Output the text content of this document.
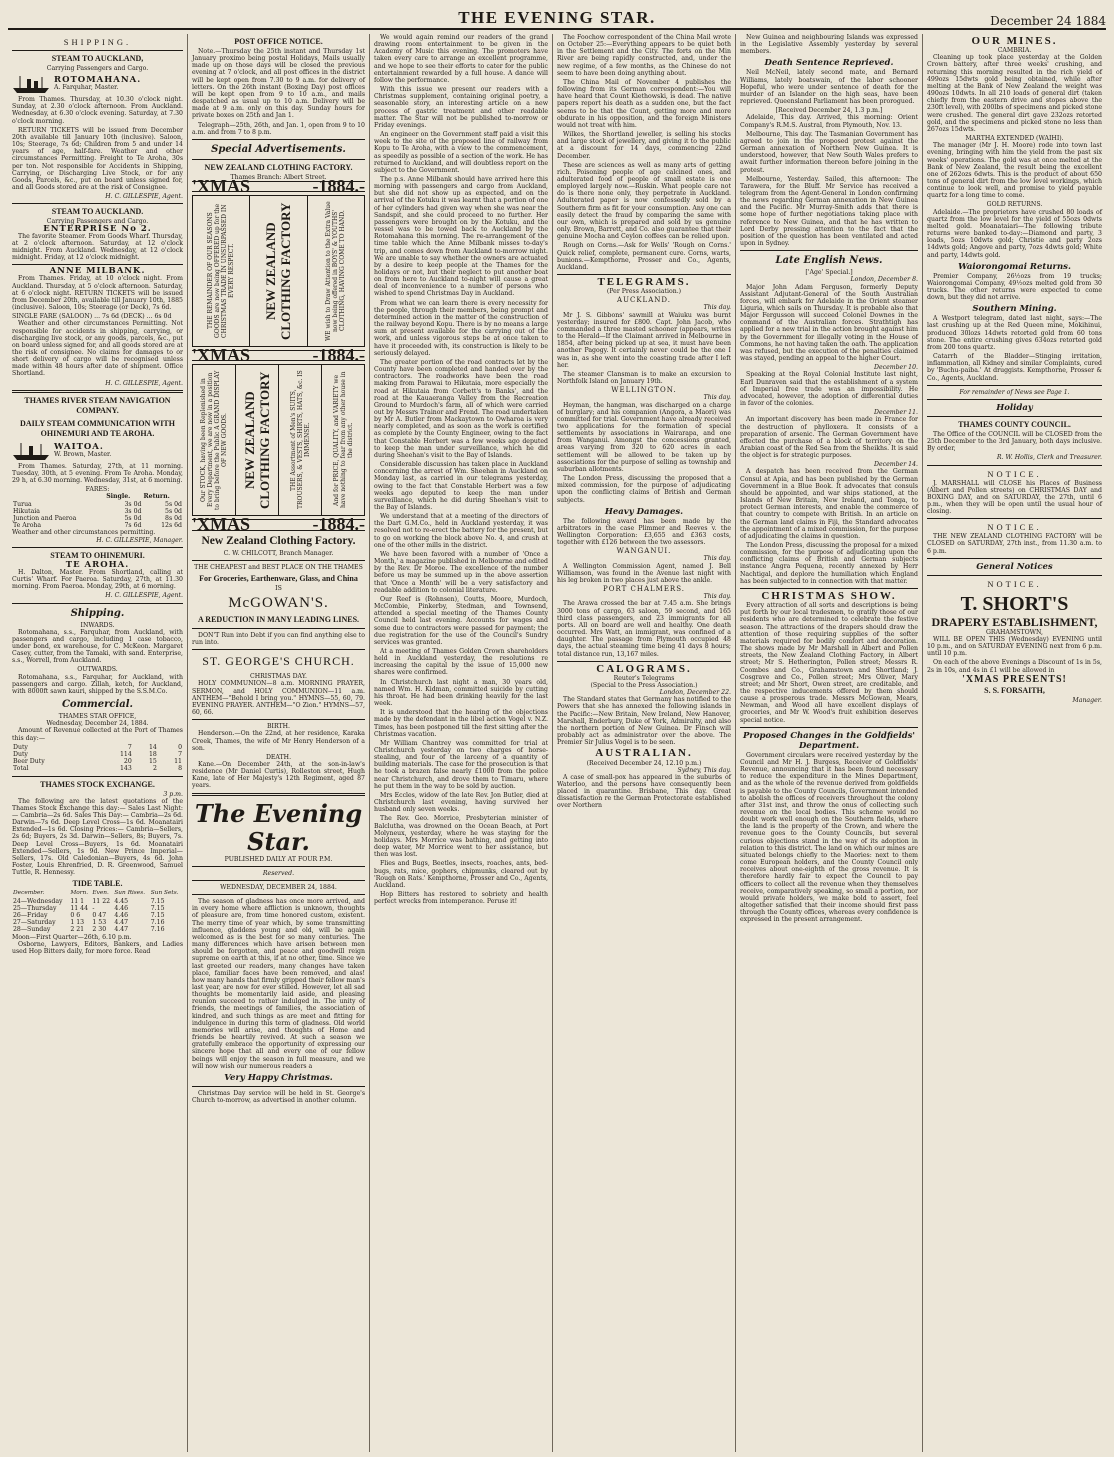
THE EVENING STAR.	December 24 1884
SHIPPING.
STEAM TO AUCKLAND,
Carrying Passengers and Cargo.
ROTOMAHANA.
A. Farquhar, Master.

From Thames. Thursday, at 10.30 o'clock night. Sunday, at 2.30 o'clock afternoon. From Auckland. Wednesday, at 6.30 o'clock evening. Saturday, at 7.30 o'clock morning.

RETURN TICKETS will be issued from December 20th available till January 10th (inclusive). Saloon, 10s; Steerage, 7s 6d; Children from 5 and under 14 years of age, half-fare. Weather and other circumstances Permitting. Freight to Te Aroha, 30s per ton. Not responsible for Accidents in Shipping, Carrying, or Discharging Live Stock, or for any Goods, Parcels, &c., put on board unless signed for, and all Goods stored are at the risk of Consignee.

H. C. GILLESPIE, Agent.
STEAM TO AUCKLAND.
Carrying Passengers and Cargo.
ENTERPRISE No 2.

The favorite Steamer. From Goods Wharf. Thursday, at 2 o'clock afternoon. Saturday, at 12 o'clock midnight. From Auckland. Wednesday, at 12 o'clock midnight. Friday, at 12 o'clock midnight.

ANNE MILBANK.

From Thames. Friday, at 10 o'clock night. From Auckland. Thursday, at 5 o'clock afternoon. Saturday, at 6 o'clock night. RETURN TICKETS will be issued from December 20th, available till January 10th, 1885 (inclusive). Saloon, 10s; Steerage (or Deck), 7s 6d.

SINGLE FARE (SALOON) ... 7s 6d (DECK) ... 6s 0d

Weather and other circumstances Permitting. Not responsible for accidents in shipping, carrying, or discharging live stock, or any goods, parcels, &c., put on board unless signed for, and all goods stored are at the risk of consignee. No claims for damages to or short delivery of cargo will be recognised unless made within 48 hours after date of shipment. Office Shortland.

H. C. GILLESPIE, Agent.
THAMES RIVER STEAM NAVIGATION COMPANY.
DAILY STEAM COMMUNICATION WITH OHINEMURI AND TE AROHA.
WAITOA.
W. Brown, Master.

From Thames. Saturday, 27th, at 11 morning. Tuesday, 30th, at 5 evening. From Te Aroha. Monday, 29 h, at 6.30 morning. Wednesday, 31st, at 6 morning.

FARES:
	Single.	Return.
Turua	3s 0d	5s 0d
Hikutaia	3s 0d	5s 0d
Junction and Paeroa	5s 0d	8s 0d
Te Aroha	7s 6d	12s 6d
Weather and other circumstances permitting.
H. C. GILLESPIE, Manager.
STEAM TO OHINEMURI.
TE AROHA.

H. Dalton, Master. From Shortland, calling at Curtis' Wharf. For Paeroa. Saturday, 27th, at 11.30 morning. From Paeroa. Monday, 29th, at 6 morning.

H. C. GILLESPIE, Agent.
Shipping.
INWARDS.

Rotomahana, s.s., Farquhar, from Auckland, with passengers and cargo, including 1 case tobacco, under bond, ex warehouse, for C. McKeon. Margaret Casey, cutter, from the Tamaki, with sand. Enterprise, s.s., Worrell, from Auckland.

OUTWARDS.

Rotomahana, s.s., Farquhar, for Auckland, with passengers and cargo. Zillah, ketch, for Auckland, with 8000ft sawn kauri, shipped by the S.S.M.Co.

Commercial.
THAMES STAR OFFICE,
Wednesday, December 24, 1884.

Amount of Revenue collected at the Port of Thames this day:—

Duty	7	14	0
Duty	114	18	7
Beer Duty	20	15	11
Total	143	2	8
THAMES STOCK EXCHANGE.
3 p.m.

The following are the latest quotations of the Thames Stock Exchange this day:— Sales Last Night:— Cambria—2s 6d. Sales This Day:— Cambria—2s 6d. Darwin—7s 6d. Deep Level Cross—1s 6d. Moanatairi Extended—1s 6d. Closing Prices:— Cambria—Sellers, 2s 6d; Buyers, 2s 3d. Darwin—Sellers, 8s; Buyers, 7s. Deep Level Cross—Buyers, 1s 6d. Moanatairi Extended—Sellers, 1s 9d. New Prince Imperial—Sellers, 17s. Old Caledonian—Buyers, 4s 6d. John Foster, Louis Ehrenfried, D. R. Greenwood, Samuel Tuttle, R. Hennessy.

TIDE TABLE.
December.	Morn.	Even.	Sun Rises.	Sun Sets.
24—Wednesday	11 1	11 22	4.45	7.15
25—Thursday	11 44	-	4.46	7.15
26—Friday	0 6	0 47	4.46	7.15
27—Saturday	1 13	1 53	4.47	7.16
28—Sunday	2 21	2 30	4.47	7.16
Moon—First Quarter—26th, 6.10 p.m.

Osborne, Lawyers, Editors, Bankers, and Ladies used Hop Bitters daily, for more force. Read

POST OFFICE NOTICE.

Note.—Thursday the 25th instant and Thursday 1st January proximo being postal Holidays, Mails usually made up on those days will be closed the previous evening at 7 o'clock, and all post offices in the district will be kept open from 7.30 to 9 a.m. for delivery of letters. On the 26th instant (Boxing Day) post offices will be kept open from 9 to 10 a.m., and mails despatched as usual up to 10 a.m. Delivery will be made at 9 a.m. only on this day. Sunday hours for private boxes on 25th and Jan 1.

Telegraph—25th, 26th, and Jan. 1, open from 9 to 10 a.m. and from 7 to 8 p.m.

Special Advertisements.
NEW ZEALAND CLOTHING FACTORY.
Thames Branch: Albert Street.
'XMAS	-1884.-
THE REMAINDER OF OUR SEASONS GOODS are now being OFFERED up for the CHRISTMAS TRADE IN UNSURPASSED IN EVERY RESPECT. NEW ZEALAND CLOTHING FACTORY	WE wish to Draw Attention to the Extra Value now being offered in BOYS' & YOUTHS' CLOTHING, HAVING COME TO HAND.
'XMAS	-1884.-
Our STOCK, having been Replenished in Every Department, we are now in a position to bring before the Public A GRAND DISPLAY OF NEW GOODS. NEW ZEALAND CLOTHING FACTORY	THE Assortment of Men's SUITS, TROUSERS, & VESTS, SHIRTS, HATS, &c. IS IMMENSE.	And for PRICE, QUALITY, and VARIETY we have nothing to fear from any other house in the district.
'XMAS	-1884.-
New Zealand Clothing Factory.
C. W. CHILCOTT, Branch Manager.
THE CHEAPEST and BEST PLACE ON THE THAMES
For Groceries, Earthenware, Glass, and China
IS
McGOWAN'S.
A REDUCTION IN MANY LEADING LINES.

DON'T Run into Debt if you can find anything else to run into.

ST. GEORGE'S CHURCH.
CHRISTMAS DAY.

HOLY COMMUNION—8 a.m. MORNING PRAYER, SERMON, and HOLY COMMUNION—11 a.m. ANTHEM—"Behold I bring you." HYMNS—55, 60, 79. EVENING PRAYER. ANTHEM—"O Zion." HYMNS—57, 60, 66.

BIRTH.

Henderson.—On the 22nd, at her residence, Karaka Creek, Thames, the wife of Mr Henry Henderson of a son.

DEATH.

Kane.—On December 24th, at the son-in-law's residence (Mr Daniel Curtis), Rolleston street, Hugh Kane, late of Her Majesty's 12th Regiment, aged 87 years.

The Evening Star.
PUBLISHED DAILY AT FOUR P.M.
Reserved.
WEDNESDAY, DECEMBER 24, 1884.

The season of gladness has once more arrived, and in every home where affliction is unknown, thoughts of pleasure are, from time honored custom, existent. The merry time of year which, by some transmitting influence, gladdens young and old, will be again welcomed as is the best for so many centuries. The many differences which have arisen between men should be forgotten, and peace and goodwill reign supreme on earth at this, if at no other, time. Since we last greeted our readers, many changes have taken place, familiar faces have been removed, and alas! how many hands that firmly gripped their fellow man's last year, are now for ever stilled. However, let all sad thoughts be momentarily laid aside, and pleasing reunion succeed to rather indulged in. The unity of friends, the meetings of families, the association of kindred, and such things as are meet and fitting for indulgence in during this term of gladness. Old world memories will arise, and thoughts of Home and friends be heartily revived. At such a season we gratefully embrace the opportunity of expressing our sincere hope that all and every one of our fellow beings will enjoy the season in full measure, and we will now wish our numerous readers a

Very Happy Christmas.

Christmas Day service will be held in St. George's Church to-morrow, as advertised in another column.

We would again remind our readers of the grand drawing room entertainment to be given in the Academy of Music this evening. The promoters have taken every care to arrange an excellent programme, and we hope to see their efforts to cater for the public entertainment rewarded by a full house. A dance will follow the performance.

With this issue we present our readers with a Christmas supplement, containing original poetry, a seasonable story, an interesting article on a new process of gastric treatment and other readable matter. The Star will not be published to-morrow or Friday evenings.

An engineer on the Government staff paid a visit this week to the site of the proposed line of railway from Kopu to Te Aroha, with a view to the commencement, as speedily as possible of a section of the work. He has returned to Auckland, and will doubtless report on the subject to the Government.

The p.s. Anne Milbank should have arrived here this morning with passengers and cargo from Auckland, but she did not show up as expected, and on the arrival of the Kotuku it was learnt that a portion of one of her cylinders had given way when she was near the Sandspit, and she could proceed to no further. Her passengers were brought on by the Kotuku, and the vessel was to be towed back to Auckland by the Rotomahana this morning. The re-arrangement of the time table which the Anne Milbank misses to-day's trip, and comes down from Auckland to-morrow night. We are unable to say whether the owners are actuated by a desire to keep people at the Thames for the holidays or not, but their neglect to put another boat on from here to Auckland to-night will cause a great deal of inconvenience to a number of persons who wished to spend Christmas Day in Auckland.

From what we can learn there is every necessity for the people, through their members, being prompt and determined action in the matter of the construction of the railway beyond Kopu. There is by no means a large sum at present available for the carrying out of the work, and unless vigorous steps be at once taken to have it proceeded with, its construction is likely to be seriously delayed.

The greater portion of the road contracts let by the County have been completed and handed over by the contractors. The roadworks have been the road making from Parawai to Hikutaia, more especially the road at Hikutaia from Corbett's to Banks', and the road at the Kauaeranga Valley from the Recreation Ground to Murdoch's farm, all of which were carried out by Messrs Trainor and Frend. The road undertaken by Mr A. Butler from Mackaytown to Owharoa is very nearly completed, and as soon as the work is certified as complete by the County Engineer, owing to the fact that Constable Herbert was a few weeks ago deputed to keep the man under surveillance, which he did during Sheehan's visit to the Bay of Islands.

Considerable discussion has taken place in Auckland concerning the arrest of Wm. Sheehan in Auckland on Monday last, as carried in our telegrams yesterday, owing to the fact that Constable Herbert was a few weeks ago deputed to keep the man under surveillance, which he did during Sheehan's visit to the Bay of Islands.

We understand that at a meeting of the directors of the Dart G.M.Co., held in Auckland yesterday, it was resolved not to re-erect the battery for the present, but to go on working the block above No. 4, and crush at one of the other mills in the district.

We have been favored with a number of 'Once a Month,' a magazine published in Melbourne and edited by the Rev. Dr Moroe. The excellence of the number before us may be summed up in the above assertion that 'Once a Month' will be a very satisfactory and readable addition to colonial literature.

Our Reef is (Rohnsen), Coutts, Moore, Murdoch, McCombie, Pinkerby, Stedman, and Townsend, attended a special meeting of the Thames County Council held last evening. Accounts for wages and some due to contractors were passed for payment; the due registration for the use of the Council's Sundry services was granted.

At a meeting of Thames Golden Crown shareholders held in Auckland yesterday, the resolutions re increasing the capital by the issue of 15,000 new shares were confirmed.

In Christchurch last night a man, 30 years old, named Wm. H. Kidman, committed suicide by cutting his throat. He had been drinking heavily for the last week.

It is understood that the hearing of the objections made by the defendant in the libel action Vogel v. N.Z. Times, has been postponed till the first sitting after the Christmas vacation.

Mr William Chantrey was committed for trial at Christchurch yesterday on two charges of horse-stealing, and four of the larceny of a quantity of building materials. The case for the prosecution is that he took a brazen false nearly £1000 from the police near Christchurch, and drove them to Timaru, where he put them in the way to be sold by auction.

Mrs Eccles, widow of the late Rev. Jon Butler, died at Christchurch last evening, having survived her husband only seven weeks.

The Rev. Geo. Morrice, Presbyterian minister of Balclutha, was drowned on the Ocean Beach, at Port Molyneux, yesterday, where he was staying for the holidays. Mrs Morrice was bathing, and getting into deep water, Mr Morrice went to her assistance, but then was lost.

Flies and Bugs, Beetles, insects, roaches, ants, bed-bugs, rats, mice, gophers, chipmunks, cleared out by 'Rough on Rats.' Kempthorne, Prosser and Co., Agents, Auckland.

Hop Bitters has restored to sobriety and health perfect wrecks from intemperance. Peruse it!

The Foochow correspondent of the China Mail wrote on October 25:—Everything appears to be quiet both in the Settlement and the City. The forts on the Min River are being rapidly constructed, and, under the new regime, of a few months, as the Chinese do not seem to have been doing anything about.

The China Mail of November 4 publishes the following from its German correspondent:—You will have heard that Count Kiethowski, is dead. The native papers report his death as a sudden one, but the fact seems to be that the Count, getting more and more obdurate in his opposition, and the foreign Ministers would not treat with him.

Wilkes, the Shortland jeweller, is selling his stocks and large stock of jewellery, and giving it to the public at a discount for 14 days, commencing 22nd December.

These are sciences as well as many arts of getting rich. Poisoning people of age calcined ones, and adulterated food of people of small estate is one employed largely now.—Ruskin. What people care not do is there none only, they perpetrate in Auckland. Adulterated paper is now confessedly sold by a Southern firm as fit for your consumption. Any one can easily detect the fraud by comparing the same with our own, which is prepared and sold by us genuine only. Brown, Barrett, and Co. also guarantee that their genuine Mocha and Ceylon coffees can be relied upon.

Rough on Corns.—Ask for Wells' 'Rough on Corns.' Quick relief, complete, permanent cure. Corns, warts, bunions.—Kempthorne, Prosser and Co., Agents, Auckland.

TELEGRAMS.
(Per Press Association.)
AUCKLAND.
This day.

Mr J. S. Gibbons' sawmill at Waiuku was burnt yesterday; insured for £800. Capt. John Jacob, who commanded a three masted schooner (appears, writes to the Herald—If the Claimant arrived in Melbourne in 1854, after being picked up at sea, it must have been another Pagogy. It certainly never could be the one I was in, as she went into the coasting trade after I left her.

The steamer Clansman is to make an excursion to Northfolk Island on January 19th.

WELLINGTON.
This day.

Heyman, the hangman, was discharged on a charge of burglary; and his companion (Angora, a Maori) was committed for trial. Government have already received two applications for the formation of special settlements by associations in Wairarapa, and one from Wanganui. Amongst the concessions granted, areas varying from 320 to 620 acres in each settlement will be allowed to be taken up by associations for the purpose of selling as township and suburban allotments.

The London Press, discussing the proposed that a mixed commission, for the purpose of adjudicating upon the conflicting claims of British and German subjects.

Heavy Damages.

The following award has been made by the arbitrators in the case Plimmer and Reeves v. the Wellington Corporation: £3,655 and £363 costs, together with £126 between the two assessors.

WANGANUI.
This day.

A Wellington Commission Agent, named J. Bell Williamson, was found in the Avenue last night with his leg broken in two places just above the ankle.

PORT CHALMERS.
This day.

The Arawa crossed the bar at 7.45 a.m. She brings 3000 tons of cargo, 63 saloon, 59 second, and 165 third class passengers, and 23 immigrants for all ports. All on board are well and healthy. One death occurred. Mrs Watt, an immigrant, was confined of a daughter. The passage from Plymouth occupied 48 days, the actual steaming time being 41 days 8 hours; total distance run, 13,167 miles.

CALOGRAMS.
Reuter's Telegrams
(Special to the Press Association.)
London, December 22.

The Standard states that Germany has notified to the Powers that she has annexed the following islands in the Pacific:—New Britain, New Ireland, New Hanover, Marshall, Enderbury, Duke of York, Admiralty, and also the northern portion of New Guinea. Dr Finsch will probably act as administrator over the above. The Premier Sir Julius Vogel is to be seen.

AUSTRALIAN.
(Received December 24, 12.10 p.m.)
Sydney, This day.

A case of small-pox has appeared in the suburbs of Waterloo, and the persons have consequently been placed in quarantine. Brisbane, This day. Great dissatisfaction re the German Protectorate established over Northern

New Guinea and neighbouring Islands was expressed in the Legislative Assembly yesterday by several members.

Death Sentence Reprieved.

Neil McNeil, lately second mate, and Bernard Williams, lately boatswain, of the labor schooner Hopeful, who were under sentence of death for the murder of an Islander on the high seas, have been reprieved. Queensland Parliament has been prorogued.

[Received December 24, 1.3 p.m.]

Adelaide, This day. Arrived, this morning: Orient Company's R.M.S. Austral, from Plymouth, Nov. 13.

Melbourne, This day. The Tasmanian Government has agreed to join in the proposed protest against the German annexation of Northern New Guinea. It is understood, however, that New South Wales prefers to await further information thereon before joining in the protest.

Melbourne, Yesterday. Sailed, this afternoon: The Tarawera, for the Bluff. Mr Service has received a telegram from the Agent-General in London confirming the news regarding German annexation in New Guinea and the Pacific. Mr Murray-Smith adds that there is some hope of further negotiations taking place with reference to New Guinea, and that he has written to Lord Derby pressing attention to the fact that the position of the question has been ventilated and acted upon in Sydney.

Late English News.
['Age' Special.]
London, December 8.

Major John Adam Ferguson, formerly Deputy Assistant Adjutant-General of the South Australian forces, will embark for Adelaide in the Orient steamer Liguria, which sails on Thursday. It is probable also that Major Fergusson will succeed Colonel Downes in the command of the Australian forces. Strathtigh has applied for a new trial in the action brought against him by the Government for illegally voting in the House of Commons, he not having taken the oath. The application was refused, but the execution of the penalties claimed was stayed, pending an appeal to the higher Court.

December 10.

Speaking at the Royal Colonial Institute last night, Earl Dunraven said that the establishment of a system of Imperial free trade was an impossibility. He advocated, however, the adoption of differential duties in favor of the colonies.

December 11.

An important discovery has been made in France for the destruction of phylloxera. It consists of a preparation of arsenic. The German Government have effected the purchase of a block of territory on the Arabian coast of the Red Sea from the Sheikhs. It is said the object is for strategic purposes.

December 14.

A despatch has been received from the German Consul at Apia, and has been published by the German Government in a Blue Book. It advocates that consuls should be appointed, and war ships stationed, at the Islands of New Britain, New Ireland, and Tonga, to protect German interests, and enable the commerce of that country to compete with British. In an article on the German land claims in Fiji, the Standard advocates the appointment of a mixed commission, for the purpose of adjudicating the claims in question.

The London Press, discussing the proposal for a mixed commission, for the purpose of adjudicating upon the conflicting claims of British and German subjects instance Angra Pequena, recently annexed by Herr Nachtigal, and deplore the humiliation which England has been subjected to in connection with that matter.

CHRISTMAS SHOW.

Every attraction of all sorts and descriptions is being put forth by our local tradesmen, to gratify those of our residents who are determined to celebrate the festive season. The attractions of the drapers should draw the attention of those requiring supplies of the softer materials required for bodily comfort and decoration. The shows made by Mr Marshall in Albert and Pollen streets, the New Zealand Clothing Factory, in Albert street; Mr S. Hetherington, Pollen street; Messrs R. Coombes and Co., Grahamstown and Shortland; J. Cosgrave and Co., Pollen street; Mrs Oliver, Mary street; and Mr Short, Owen street, are creditable, and the respective inducements offered by them should cause a prosperous trade. Messrs McGowan, Mears, Newman, and Wood all have excellent displays of groceries, and Mr W. Wood's fruit exhibition deserves special notice.

Proposed Changes in the Goldfields' Department.

Government circulars were received yesterday by the Council and Mr H. J. Burgess, Receiver of Goldfields' Revenue, announcing that it has been found necessary to reduce the expenditure in the Mines Department, and as the whole of the revenue derived from goldfields is payable to the County Councils, Government intended to abolish the offices of receivers throughout the colony after 31st inst, and throw the onus of collecting such revenue on the local bodies. This scheme would no doubt work well enough on the Southern fields, where the land is the property of the Crown, and where the revenue goes to the County Councils, but several curious objections stand in the way of its adoption in relation to this district. The land on which our mines are situated belongs chiefly to the Maories: next to them come European holders, and the County Council only receives about one-eighth of the gross revenue. It is therefore hardly fair to expect the Council to pay officers to collect all the revenue when they themselves receive, comparatively speaking, so small a portion, nor would private holders, we make bold to assert, feel altogether satisfied that their income should first pass through the County offices, whereas every confidence is expressed in the present arrangement.

OUR MINES.
CAMBRIA.

Cleaning up took place yesterday at the Golden Crown battery, after three weeks' crushing, and returning this morning resulted in the rich yield of 499ozs 15dwts gold being obtained, while after melting at the Bank of New Zealand the weight was 490ozs 10dwts. In all 210 loads of general dirt (taken chiefly from the eastern drive and stopes above the 230ft level), with 200lbs of specimens and picked stone were crushed. The general dirt gave 232ozs retorted gold, and the specimens and picked stone no less than 267ozs 15dwts.

MARTHA EXTENDED (WAIHI).

The manager (Mr J. H. Moore) rode into town last evening, bringing with him the yield from the past six weeks' operations. The gold was at once melted at the Bank of New Zealand, the result being the excellent one of 262ozs 6dwts. This is the product of about 650 tons of general dirt from the low level workings, which continue to look well, and promise to yield payable quartz for a long time to come.

GOLD RETURNS.

Adelaide.—The proprietors have crushed 80 loads of quartz from the low level for the yield of 55ozs 0dwts melted gold. Moanataiari—The following tribute returns were banked to-day:—Diamond and party, 3 loads, 5ozs 10dwts gold; Christie and party 2ozs 14dwts gold; Angove and party, 7ozs 4dwts gold; White and party, 14dwts gold.

Waiorongomai Returns.

Premier Company, 26½ozs from 19 trucks; Waiorongomai Company, 49½ozs melted gold from 30 trucks. The other returns were expected to come down, but they did not arrive.

Southern Mining.

A Westport telegram, dated last night, says:—The last crushing up at the Red Queen mine, Mokihinui, produced 30lozs 14dwts retorted gold from 60 tons stone. The entire crushing gives 634ozs retorted gold from 200 tons quartz.

Catarrh of the Bladder—Stinging irritation, inflammation, all Kidney and similar Complaints, cured by 'Buchu-paiba.' At druggists. Kempthorne, Prosser & Co., Agents, Auckland.

For remainder of News see Page 1.
Holiday
THAMES COUNTY COUNCIL.

The Office of the COUNCIL will be CLOSED from the 25th December to the 3rd January, both days inclusive. By order,

R. W. Hollis, Clerk and Treasurer.
NOTICE.

J. MARSHALL will CLOSE his Places of Business (Albert and Pollen streets) on CHRISTMAS DAY and BOXING DAY, and on SATURDAY, the 27th, until 6 p.m., when they will be open until the usual hour of closing.

NOTICE.

THE NEW ZEALAND CLOTHING FACTORY will be CLOSED on SATURDAY, 27th inst., from 11.30 a.m. to 6 p.m.

General Notices
NOTICE.
T. SHORT'S
DRAPERY ESTABLISHMENT,
GRAHAMSTOWN,

WILL BE OPEN THIS (Wednesday) EVENING until 10 p.m., and on SATURDAY EVENING next from 6 p.m. until 10 p.m.

On each of the above Evenings a Discount of 1s in 5s, 2s in 10s, and 4s in £1 will be allowed in

'XMAS PRESENTS!
S. S. FORSAITH,
Manager.
